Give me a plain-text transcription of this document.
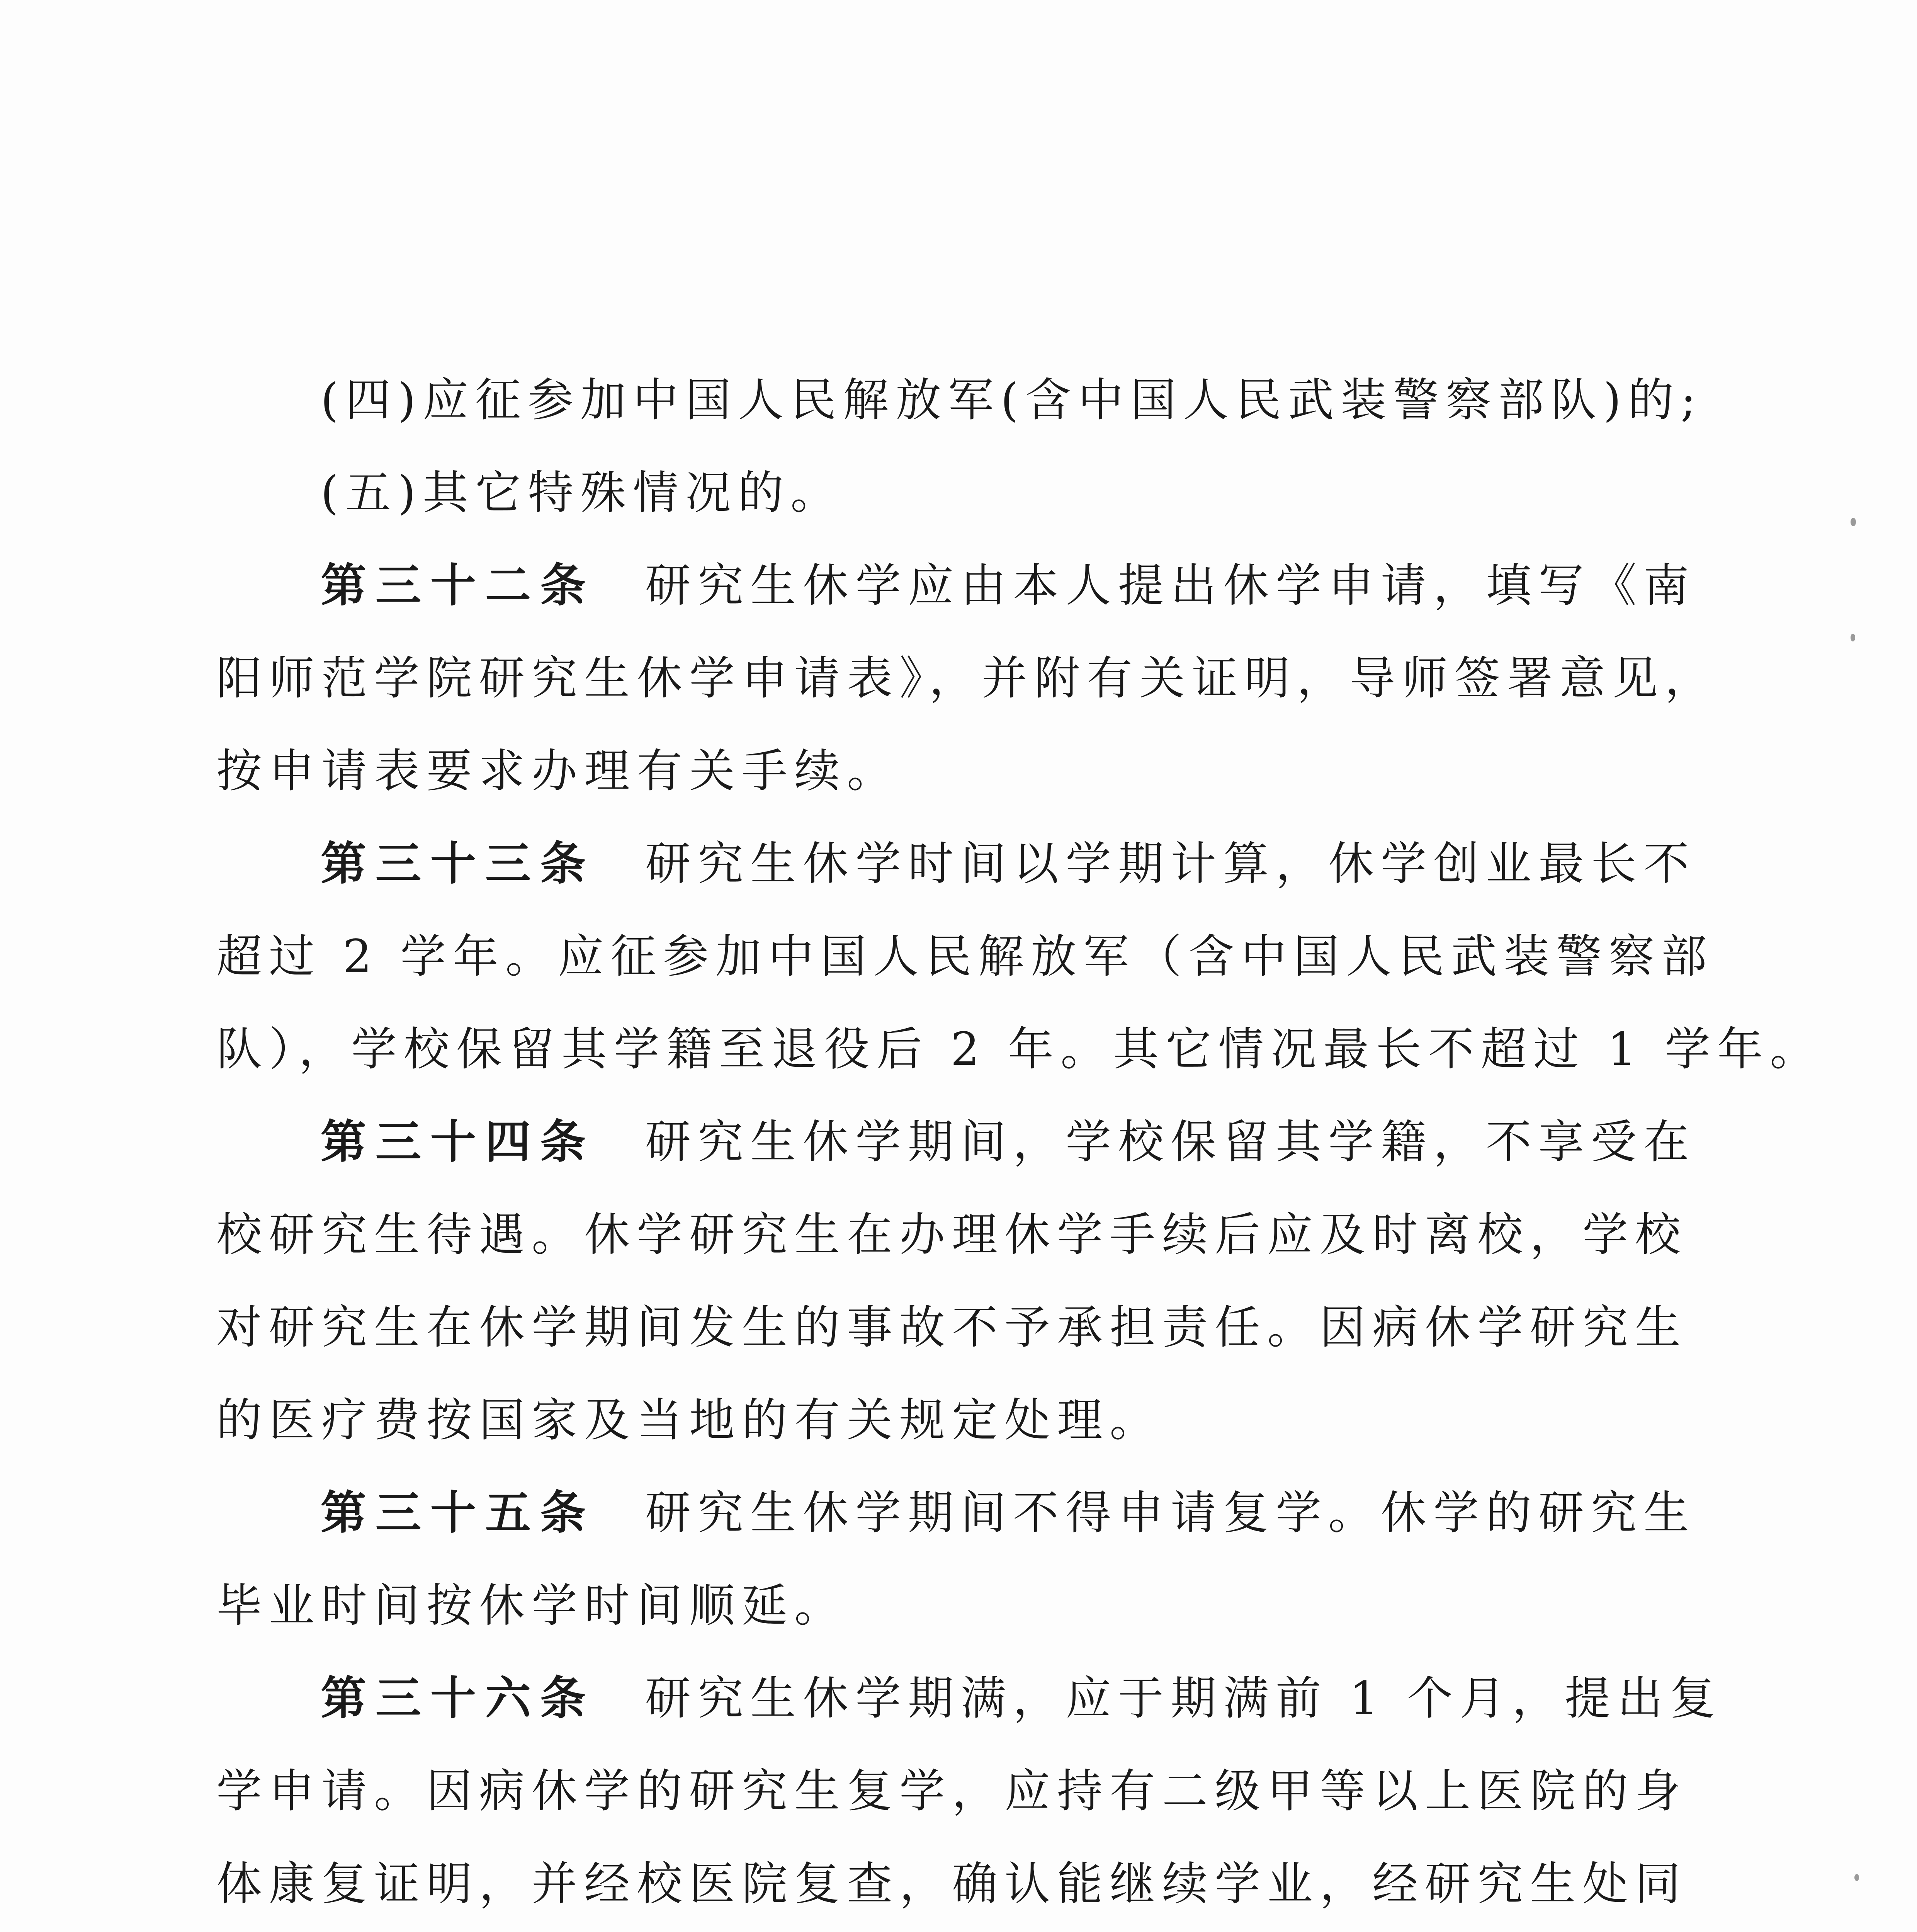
(四)应征参加中国人民解放军(含中国人民武装警察部队)的;
(五)其它特殊情况的。
第三十二条 研究生休学应由本人提出休学申请，填写《南
阳师范学院研究生休学申请表》，并附有关证明，导师签署意见，
按申请表要求办理有关手续。
第三十三条 研究生休学时间以学期计算，休学创业最长不
超过 2 学年。应征参加中国人民解放军（含中国人民武装警察部
队），学校保留其学籍至退役后 2 年。其它情况最长不超过 1 学年。
第三十四条 研究生休学期间，学校保留其学籍，不享受在
校研究生待遇。休学研究生在办理休学手续后应及时离校，学校
对研究生在休学期间发生的事故不予承担责任。因病休学研究生
的医疗费按国家及当地的有关规定处理。
第三十五条 研究生休学期间不得申请复学。休学的研究生
毕业时间按休学时间顺延。
第三十六条 研究生休学期满，应于期满前 1 个月，提出复
学申请。因病休学的研究生复学，应持有二级甲等以上医院的身
体康复证明，并经校医院复查，确认能继续学业，经研究生处同
